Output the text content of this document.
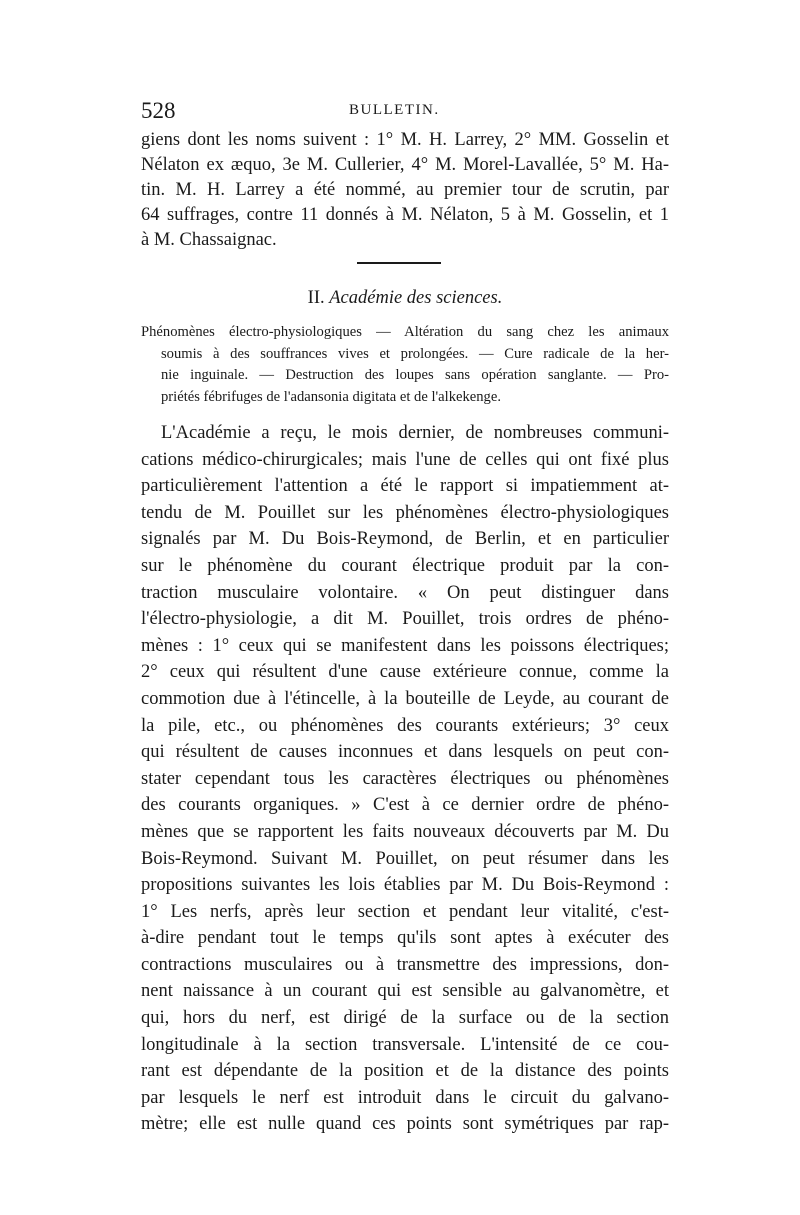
528	BULLETIN.
giens dont les noms suivent : 1° M. H. Larrey, 2° MM. Gosselin et
Nélaton ex æquo, 3e M. Cullerier, 4° M. Morel-Lavallée, 5° M. Ha-
tin. M. H. Larrey a été nommé, au premier tour de scrutin, par
64 suffrages, contre 11 donnés à M. Nélaton, 5 à M. Gosselin, et 1
à M. Chassaignac.
II. Académie des sciences.
Phénomènes électro-physiologiques — Altération du sang chez les animaux
soumis à des souffrances vives et prolongées. — Cure radicale de la her-
nie inguinale. — Destruction des loupes sans opération sanglante. — Pro-
priétés fébrifuges de l'adansonia digitata et de l'alkekenge.
L'Académie a reçu, le mois dernier, de nombreuses communi-
cations médico-chirurgicales; mais l'une de celles qui ont fixé plus
particulièrement l'attention a été le rapport si impatiemment at-
tendu de M. Pouillet sur les phénomènes électro-physiologiques
signalés par M. Du Bois-Reymond, de Berlin, et en particulier
sur le phénomène du courant électrique produit par la con-
traction musculaire volontaire. « On peut distinguer dans
l'électro-physiologie, a dit M. Pouillet, trois ordres de phéno-
mènes : 1° ceux qui se manifestent dans les poissons électriques;
2° ceux qui résultent d'une cause extérieure connue, comme la
commotion due à l'étincelle, à la bouteille de Leyde, au courant de
la pile, etc., ou phénomènes des courants extérieurs; 3° ceux
qui résultent de causes inconnues et dans lesquels on peut con-
stater cependant tous les caractères électriques ou phénomènes
des courants organiques. » C'est à ce dernier ordre de phéno-
mènes que se rapportent les faits nouveaux découverts par M. Du
Bois-Reymond. Suivant M. Pouillet, on peut résumer dans les
propositions suivantes les lois établies par M. Du Bois-Reymond :
1° Les nerfs, après leur section et pendant leur vitalité, c'est-
à-dire pendant tout le temps qu'ils sont aptes à exécuter des
contractions musculaires ou à transmettre des impressions, don-
nent naissance à un courant qui est sensible au galvanomètre, et
qui, hors du nerf, est dirigé de la surface ou de la section
longitudinale à la section transversale. L'intensité de ce cou-
rant est dépendante de la position et de la distance des points
par lesquels le nerf est introduit dans le circuit du galvano-
mètre; elle est nulle quand ces points sont symétriques par rap-
